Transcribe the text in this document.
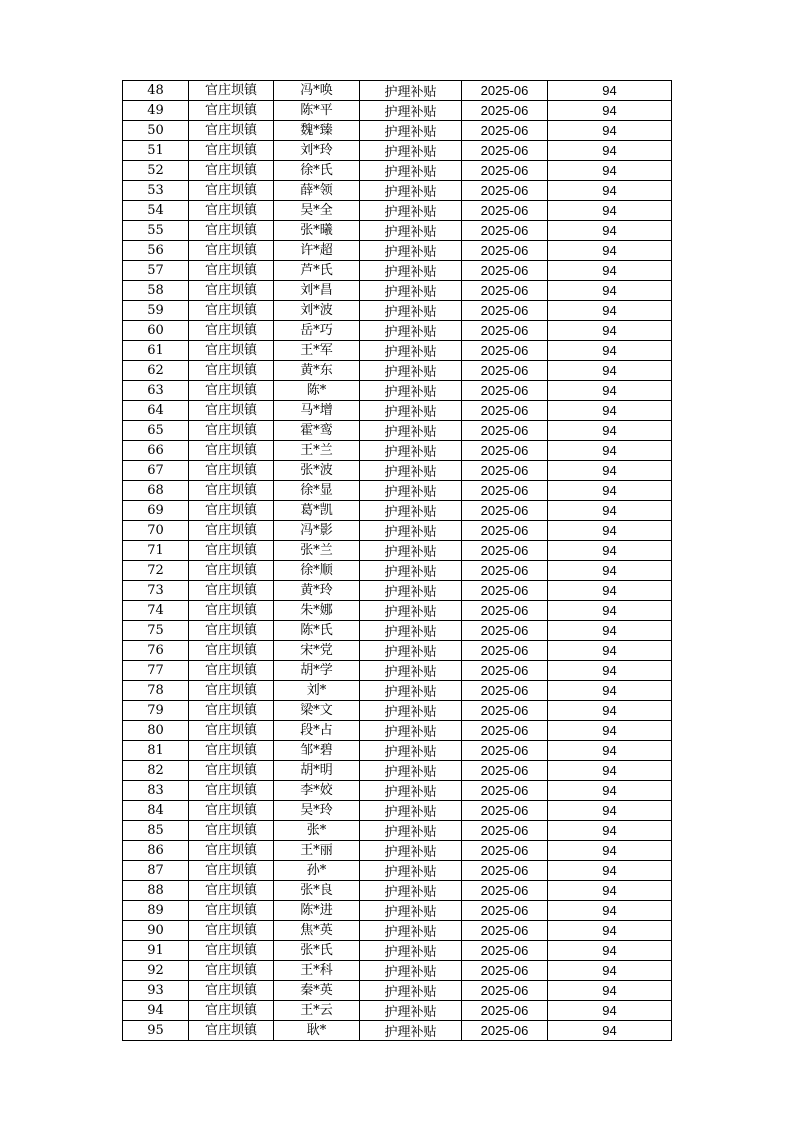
48	官庄坝镇	冯*唤	护理补贴	2025-06	94
49	官庄坝镇	陈*平	护理补贴	2025-06	94
50	官庄坝镇	魏*臻	护理补贴	2025-06	94
51	官庄坝镇	刘*玲	护理补贴	2025-06	94
52	官庄坝镇	徐*氏	护理补贴	2025-06	94
53	官庄坝镇	薛*领	护理补贴	2025-06	94
54	官庄坝镇	吴*全	护理补贴	2025-06	94
55	官庄坝镇	张*曦	护理补贴	2025-06	94
56	官庄坝镇	许*超	护理补贴	2025-06	94
57	官庄坝镇	芦*氏	护理补贴	2025-06	94
58	官庄坝镇	刘*昌	护理补贴	2025-06	94
59	官庄坝镇	刘*波	护理补贴	2025-06	94
60	官庄坝镇	岳*巧	护理补贴	2025-06	94
61	官庄坝镇	王*军	护理补贴	2025-06	94
62	官庄坝镇	黄*东	护理补贴	2025-06	94
63	官庄坝镇	陈*	护理补贴	2025-06	94
64	官庄坝镇	马*增	护理补贴	2025-06	94
65	官庄坝镇	霍*鸾	护理补贴	2025-06	94
66	官庄坝镇	王*兰	护理补贴	2025-06	94
67	官庄坝镇	张*波	护理补贴	2025-06	94
68	官庄坝镇	徐*显	护理补贴	2025-06	94
69	官庄坝镇	葛*凯	护理补贴	2025-06	94
70	官庄坝镇	冯*影	护理补贴	2025-06	94
71	官庄坝镇	张*兰	护理补贴	2025-06	94
72	官庄坝镇	徐*顺	护理补贴	2025-06	94
73	官庄坝镇	黄*玲	护理补贴	2025-06	94
74	官庄坝镇	朱*娜	护理补贴	2025-06	94
75	官庄坝镇	陈*氏	护理补贴	2025-06	94
76	官庄坝镇	宋*党	护理补贴	2025-06	94
77	官庄坝镇	胡*学	护理补贴	2025-06	94
78	官庄坝镇	刘*	护理补贴	2025-06	94
79	官庄坝镇	梁*文	护理补贴	2025-06	94
80	官庄坝镇	段*占	护理补贴	2025-06	94
81	官庄坝镇	邹*碧	护理补贴	2025-06	94
82	官庄坝镇	胡*明	护理补贴	2025-06	94
83	官庄坝镇	李*姣	护理补贴	2025-06	94
84	官庄坝镇	吴*玲	护理补贴	2025-06	94
85	官庄坝镇	张*	护理补贴	2025-06	94
86	官庄坝镇	王*丽	护理补贴	2025-06	94
87	官庄坝镇	孙*	护理补贴	2025-06	94
88	官庄坝镇	张*良	护理补贴	2025-06	94
89	官庄坝镇	陈*进	护理补贴	2025-06	94
90	官庄坝镇	焦*英	护理补贴	2025-06	94
91	官庄坝镇	张*氏	护理补贴	2025-06	94
92	官庄坝镇	王*科	护理补贴	2025-06	94
93	官庄坝镇	秦*英	护理补贴	2025-06	94
94	官庄坝镇	王*云	护理补贴	2025-06	94
95	官庄坝镇	耿*	护理补贴	2025-06	94
